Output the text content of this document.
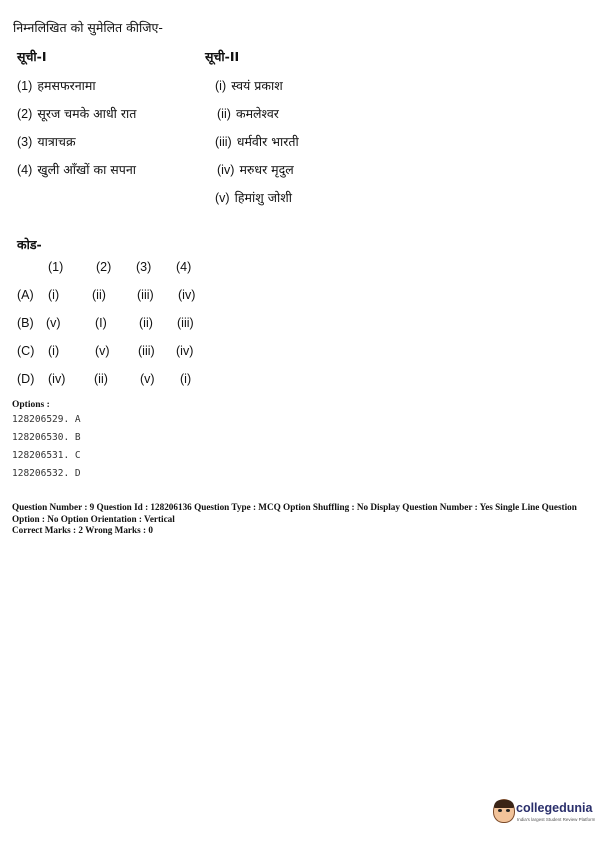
निम्नलिखित को सुमेलित कीजिए-
सूची-I	सूची-II
(1) हमसफरनामा
(2) सूरज चमके आधी रात
(3) यात्राचक्र
(4) खुली आँखों का सपना
(i) स्वयं प्रकाश
(ii) कमलेश्वर
(iii) धर्मवीर भारती
(iv) मरुधर मृदुल
(v) हिमांशु जोशी
कोड-
(1)	(2) (3) (4)
(A) (i)	(ii) (iii) (iv)
(B) (v)	(I)	(ii) (iii)
(C) (i)	(v) (iii) (iv)
(D) (iv) (ii)	(v) (i)
Options :
128206529. A
128206530. B
128206531. C
128206532. D
Question Number : 9 Question Id : 128206136 Question Type : MCQ Option Shuffling : No Display Question Number : Yes Single Line Question Option : No Option Orientation : Vertical
Correct Marks : 2 Wrong Marks : 0
collegedunia
India's largest Student Review Platform
